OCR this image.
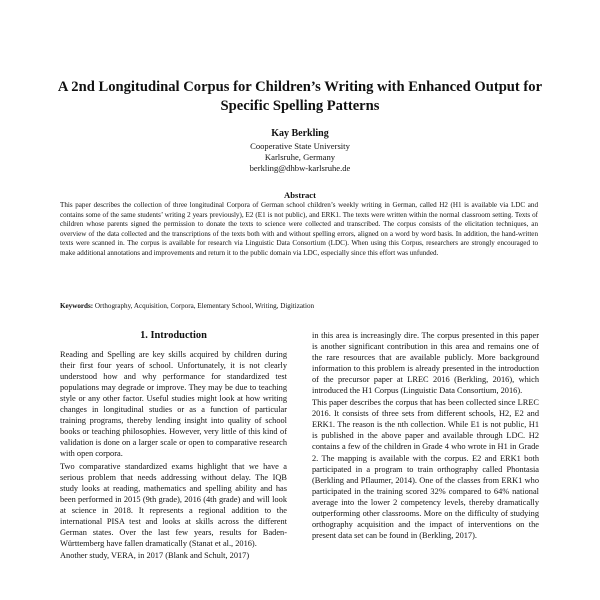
A 2nd Longitudinal Corpus for Children’s Writing with Enhanced Output for
Specific Spelling Patterns
Kay Berkling
Cooperative State University
Karlsruhe, Germany
berkling@dhbw-karlsruhe.de
Abstract
This paper describes the collection of three longitudinal Corpora of German school children’s weekly writing in German, called H2 (H1 is available via LDC and contains some of the same students’ writing 2 years previously), E2 (E1 is not public), and ERK1. The texts were written within the normal classroom setting. Texts of children whose parents signed the permission to donate the texts to science were collected and transcribed. The corpus consists of the elicitation techniques, an overview of the data collected and the transcriptions of the texts both with and without spelling errors, aligned on a word by word basis. In addition, the hand-written texts were scanned in. The corpus is available for research via Linguistic Data Consortium (LDC). When using this Corpus, researchers are strongly encouraged to make additional annotations and improvements and return it to the public domain via LDC, especially since this effort was unfunded.
Keywords: Orthography, Acquisition, Corpora, Elementary School, Writing, Digitization
1. Introduction

Reading and Spelling are key skills acquired by children during their first four years of school. Unfortunately, it is not clearly understood how and why performance for standardized test populations may degrade or improve. They may be due to teaching style or any other factor. Useful studies might look at how writing changes in longitudinal studies or as a function of particular training programs, thereby lending insight into quality of school books or teaching philosophies. However, very little of this kind of validation is done on a larger scale or open to comparative research with open corpora.

Two comparative standardized exams highlight that we have a serious problem that needs addressing without delay. The IQB study looks at reading, mathematics and spelling ability and has been performed in 2015 (9th grade), 2016 (4th grade) and will look at science in 2018. It represents a regional addition to the international PISA test and looks at skills across the different German states. Over the last few years, results for Baden-Württemberg have fallen dramatically (Stanat et al., 2016).

Another study, VERA, in 2017 (Blank and Schult, 2017)

in this area is increasingly dire. The corpus presented in this paper is another significant contribution in this area and remains one of the rare resources that are available publicly. More background information to this problem is already presented in the introduction of the precursor paper at LREC 2016 (Berkling, 2016), which introduced the H1 Corpus (Linguistic Data Consortium, 2016).

This paper describes the corpus that has been collected since LREC 2016. It consists of three sets from different schools, H2, E2 and ERK1. The reason is the nth collection. While E1 is not public, H1 is published in the above paper and available through LDC. H2 contains a few of the children in Grade 4 who wrote in H1 in Grade 2. The mapping is available with the corpus. E2 and ERK1 both participated in a program to train orthography called Phontasia (Berkling and Pflaumer, 2014). One of the classes from ERK1 who participated in the training scored 32% compared to 64% national average into the lower 2 competency levels, thereby dramatically outperforming other classrooms. More on the difficulty of studying orthography acquisition and the impact of interventions on the present data set can be found in (Berkling, 2017).
